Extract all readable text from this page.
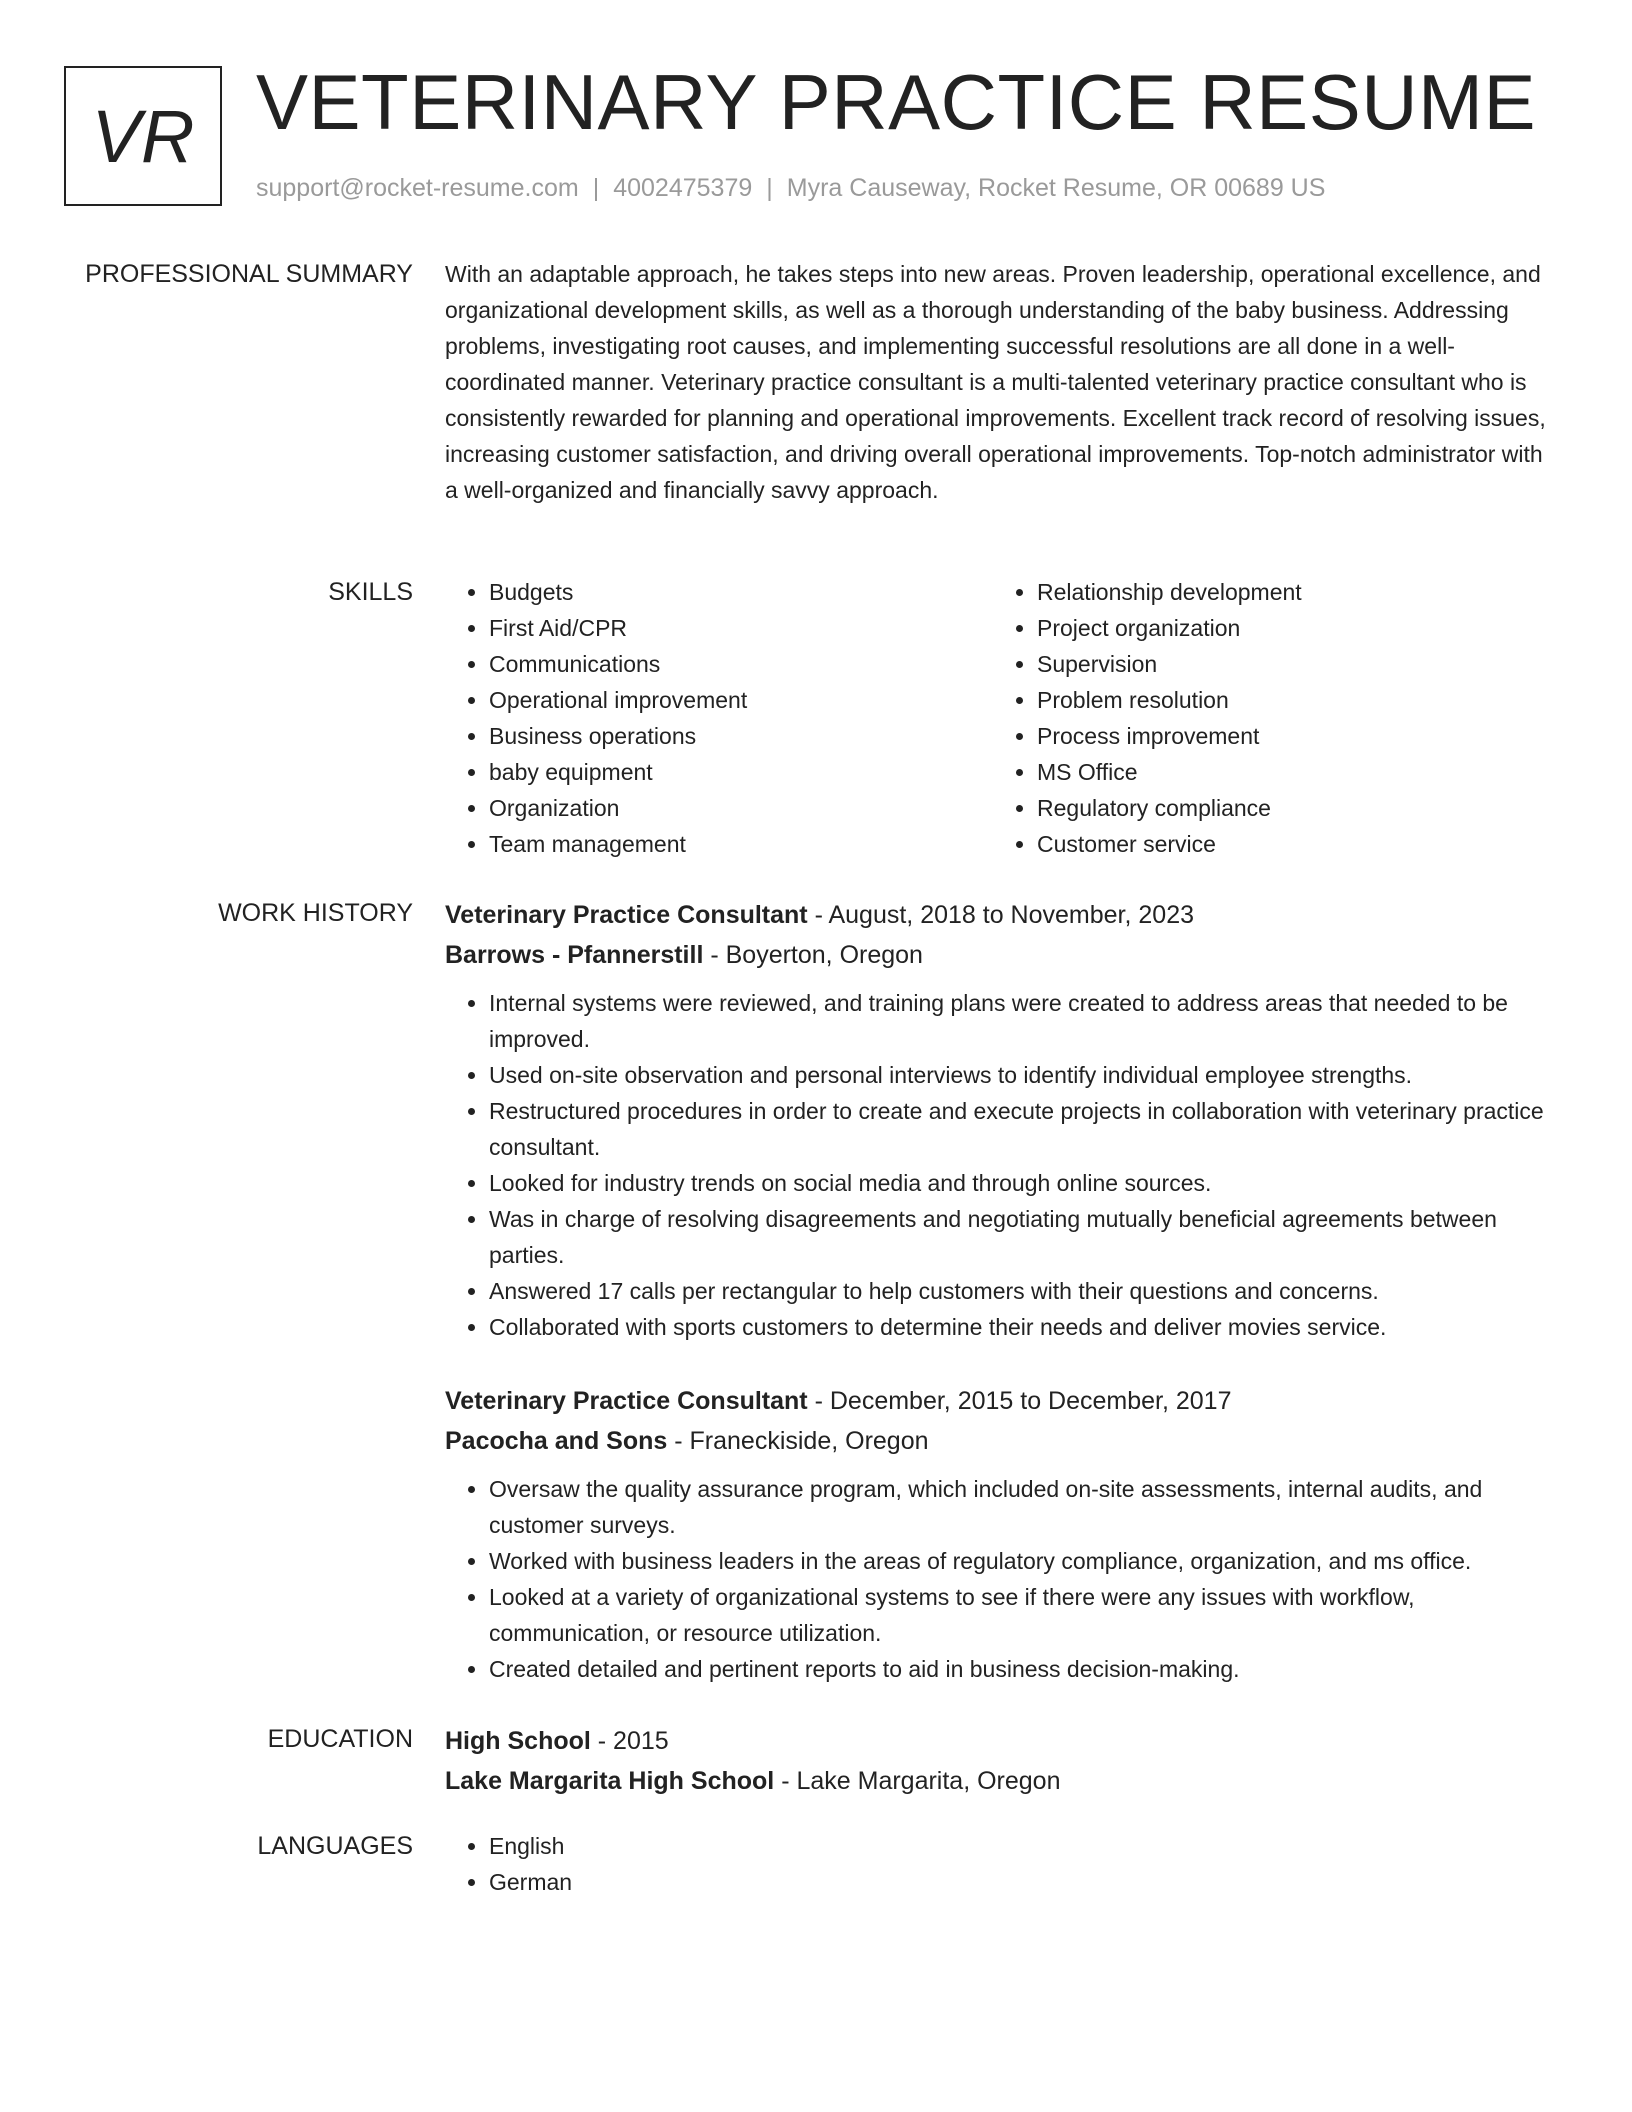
VR VETERINARY PRACTICE RESUME
support@rocket-resume.com | 4002475379 | Myra Causeway, Rocket Resume, OR 00689 US
PROFESSIONAL SUMMARY With an adaptable approach, he takes steps into new areas. Proven leadership, operational excellence, and organizational development skills, as well as a thorough understanding of the baby business. Addressing problems, investigating root causes, and implementing successful resolutions are all done in a well-coordinated manner. Veterinary practice consultant is a multi-talented veterinary practice consultant who is consistently rewarded for planning and operational improvements. Excellent track record of resolving issues, increasing customer satisfaction, and driving overall operational improvements. Top-notch administrator with a well-organized and financially savvy approach.

SKILLS	• Budgets
• First Aid/CPR
• Communications
• Operational improvement
• Business operations
• baby equipment
• Organization
• Team management
• Relationship development
• Project organization
• Supervision
• Problem resolution
• Process improvement
• MS Office
• Regulatory compliance
• Customer service
WORK HISTORY Veterinary Practice Consultant - August, 2018 to November, 2023
Barrows - Pfannerstill - Boyerton, Oregon
• Internal systems were reviewed, and training plans were created to address areas that needed to be improved.
• Used on-site observation and personal interviews to identify individual employee strengths.
• Restructured procedures in order to create and execute projects in collaboration with veterinary practice consultant.
• Looked for industry trends on social media and through online sources.
• Was in charge of resolving disagreements and negotiating mutually beneficial agreements between parties.
• Answered 17 calls per rectangular to help customers with their questions and concerns.
• Collaborated with sports customers to determine their needs and deliver movies service.
Veterinary Practice Consultant - December, 2015 to December, 2017
Pacocha and Sons - Franeckiside, Oregon
• Oversaw the quality assurance program, which included on-site assessments, internal audits, and customer surveys.
• Worked with business leaders in the areas of regulatory compliance, organization, and ms office.
• Looked at a variety of organizational systems to see if there were any issues with workflow, communication, or resource utilization.
• Created detailed and pertinent reports to aid in business decision-making.
EDUCATION High School - 2015
Lake Margarita High School - Lake Margarita, Oregon
LANGUAGES	• English
• German
